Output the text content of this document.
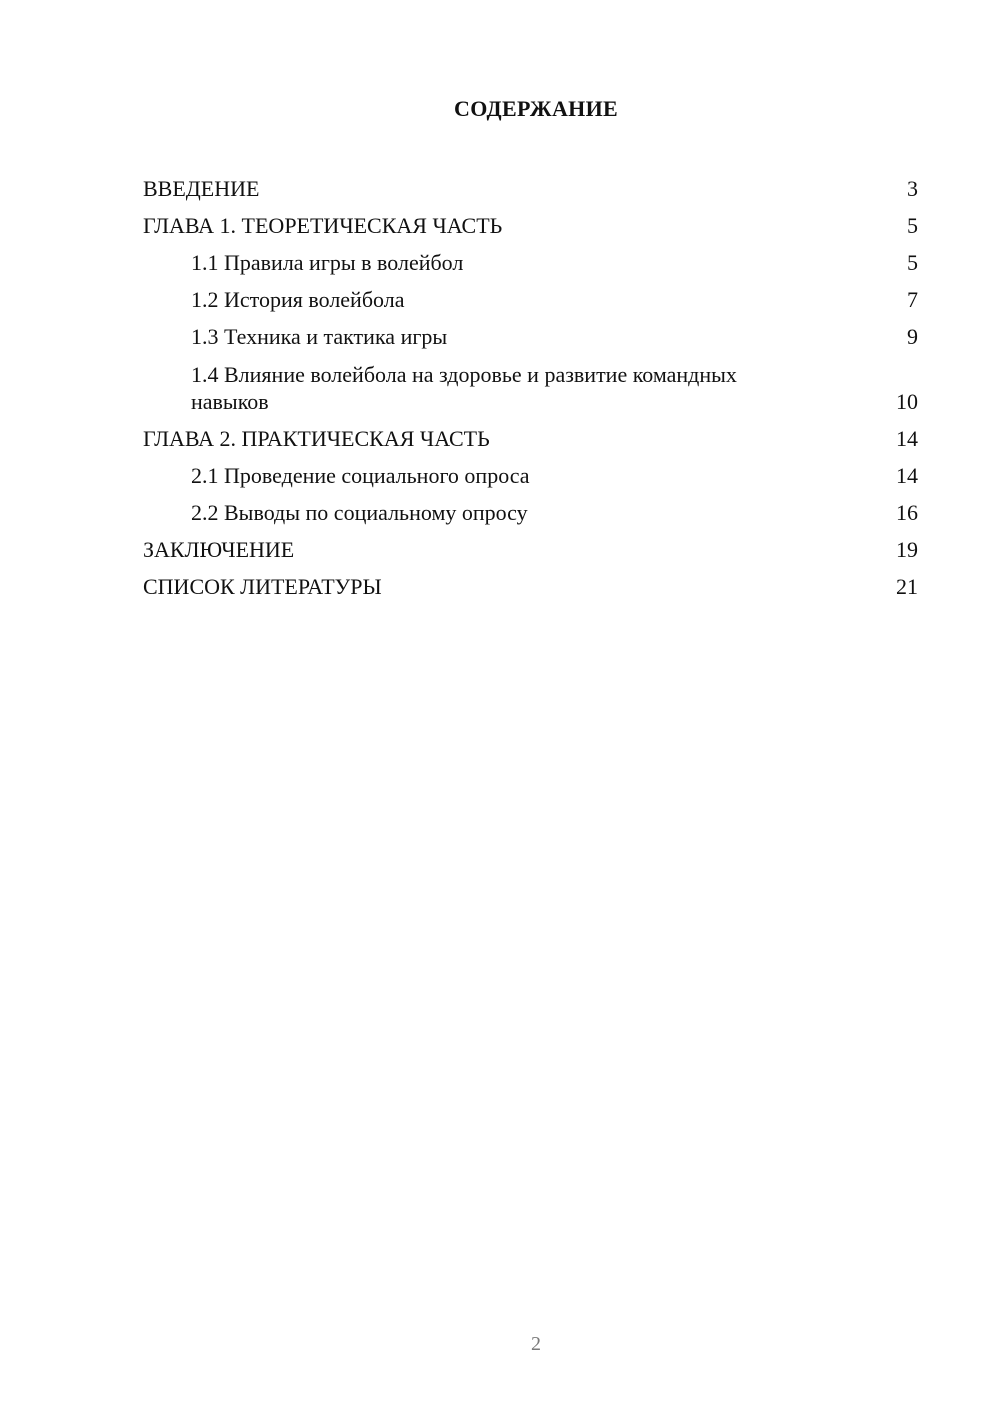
СОДЕРЖАНИЕ
ВВЕДЕНИЕ	3
ГЛАВА 1. ТЕОРЕТИЧЕСКАЯ ЧАСТЬ	5
1.1 Правила игры в волейбол	5
1.2 История волейбола	7
1.3 Техника и тактика игры	9
1.4 Влияние волейбола на здоровье и развитие командных навыков	10
ГЛАВА 2. ПРАКТИЧЕСКАЯ ЧАСТЬ	14
2.1 Проведение социального опроса	14
2.2 Выводы по социальному опросу	16
ЗАКЛЮЧЕНИЕ	19
СПИСОК ЛИТЕРАТУРЫ	21
2
